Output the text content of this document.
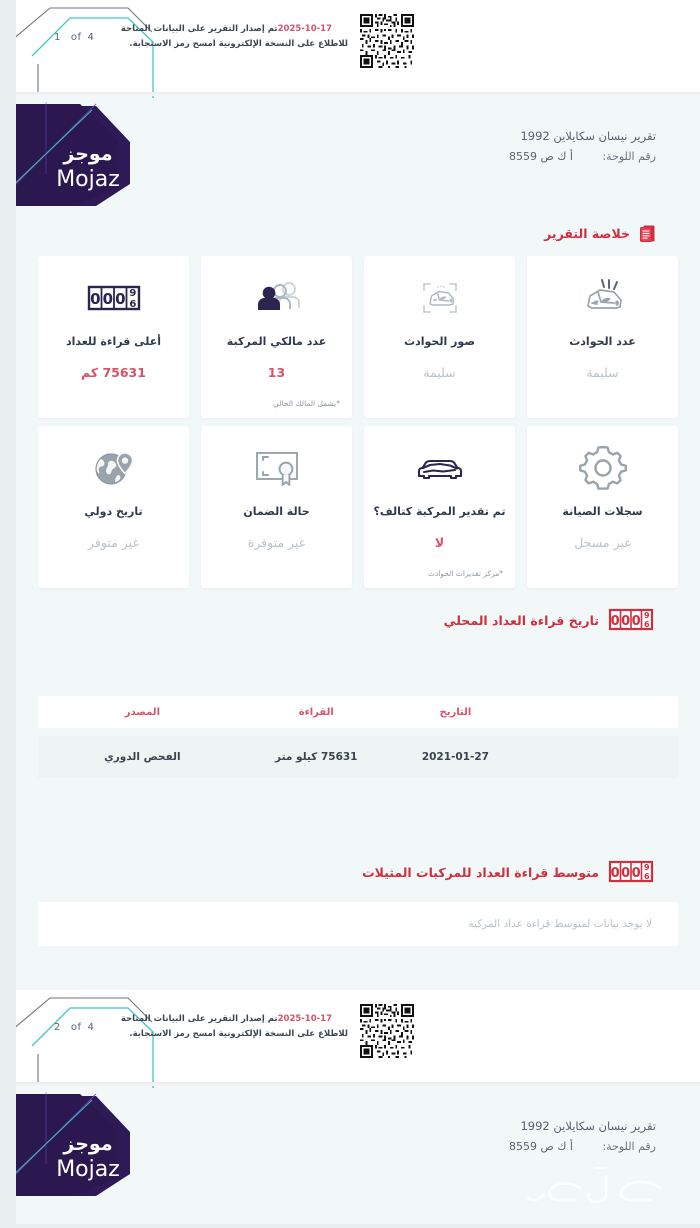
2025-10-17تم إصدار التقرير على البيانات المتاحة
للاطلاع على النسخة الإلكترونية امسح رمز الاستجابة.
1 of 4
موجز
Mojaz
تقرير نيسان سكايلاين 1992
رقم اللوحة: أ ك ص 8559
خلاصة التقرير
عدد الحوادث
سليمة
صور الحوادث
سليمة
عدد مالكي المركبة
13
*يشمل المالك الحالي
0 0 0 9
6
أعلى قراءة للعداد
75631 كم
سجلات الصيانة
غير مسجل
تم تقدير المركبة كتالف؟
لا
*مركز تقديرات الحوادث
حالة الضمان
غير متوفرة
تاريخ دولي
غير متوفر
0 0 0 9
6
تاريخ قراءة العداد المحلي
التاريخ
القراءة
المصدر
2021-01-27
75631 كيلو متر
الفحص الدوري
0 0 0 9
6
متوسط قراءة العداد للمركبات المثيلات
لا يوجد بيانات لمتوسط قراءة عداد المركبة
2025-10-17تم إصدار التقرير على البيانات المتاحة
للاطلاع على النسخة الإلكترونية امسح رمز الاستجابة.
2 of 4
موجز
Mojaz
تقرير نيسان سكايلاين 1992
رقم اللوحة: أ ك ص 8559
